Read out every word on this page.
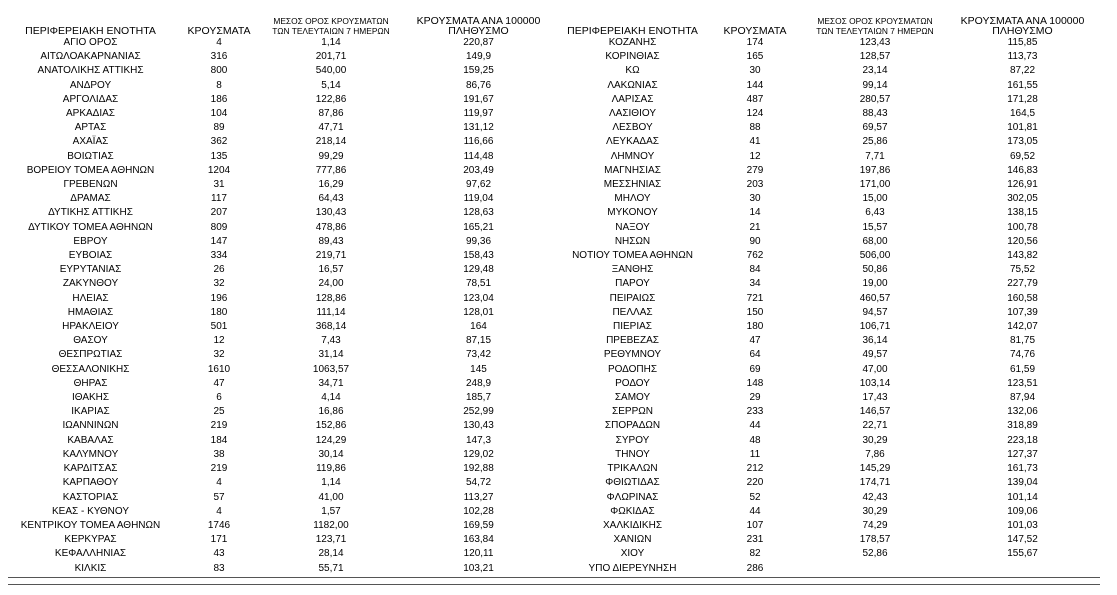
ΠΕΡΙΦΕΡΕΙΑΚΗ ΕΝΟΤΗΤΑ	ΚΡΟΥΣΜΑΤΑ	ΜΕΣΟΣ ΟΡΟΣ ΚΡΟΥΣΜΑΤΩΝ
ΤΩΝ ΤΕΛΕΥΤΑΙΩΝ 7 ΗΜΕΡΩΝ	ΚΡΟΥΣΜΑΤΑ ΑΝΑ 100000
ΠΛΗΘΥΣΜΟ

ΑΓΙΟ ΟΡΟΣ	4	1,14	220,87
ΑΙΤΩΛΟΑΚΑΡΝΑΝΙΑΣ	316	201,71	149,9
ΑΝΑΤΟΛΙΚΗΣ ΑΤΤΙΚΗΣ	800	540,00	159,25
ΑΝΔΡΟΥ	8	5,14	86,76
ΑΡΓΟΛΙΔΑΣ	186	122,86	191,67
ΑΡΚΑΔΙΑΣ	104	87,86	119,97
ΑΡΤΑΣ	89	47,71	131,12
ΑΧΑΪΑΣ	362	218,14	116,66
ΒΟΙΩΤΙΑΣ	135	99,29	114,48
ΒΟΡΕΙΟΥ ΤΟΜΕΑ ΑΘΗΝΩΝ	1204	777,86	203,49
ΓΡΕΒΕΝΩΝ	31	16,29	97,62
ΔΡΑΜΑΣ	117	64,43	119,04
ΔΥΤΙΚΗΣ ΑΤΤΙΚΗΣ	207	130,43	128,63
ΔΥΤΙΚΟΥ ΤΟΜΕΑ ΑΘΗΝΩΝ	809	478,86	165,21
ΕΒΡΟΥ	147	89,43	99,36
ΕΥΒΟΙΑΣ	334	219,71	158,43
ΕΥΡΥΤΑΝΙΑΣ	26	16,57	129,48
ΖΑΚΥΝΘΟΥ	32	24,00	78,51
ΗΛΕΙΑΣ	196	128,86	123,04
ΗΜΑΘΙΑΣ	180	111,14	128,01
ΗΡΑΚΛΕΙΟΥ	501	368,14	164
ΘΑΣΟΥ	12	7,43	87,15
ΘΕΣΠΡΩΤΙΑΣ	32	31,14	73,42
ΘΕΣΣΑΛΟΝΙΚΗΣ	1610	1063,57	145
ΘΗΡΑΣ	47	34,71	248,9
ΙΘΑΚΗΣ	6	4,14	185,7
ΙΚΑΡΙΑΣ	25	16,86	252,99
ΙΩΑΝΝΙΝΩΝ	219	152,86	130,43
ΚΑΒΑΛΑΣ	184	124,29	147,3
ΚΑΛΥΜΝΟΥ	38	30,14	129,02
ΚΑΡΔΙΤΣΑΣ	219	119,86	192,88
ΚΑΡΠΑΘΟΥ	4	1,14	54,72
ΚΑΣΤΟΡΙΑΣ	57	41,00	113,27
ΚΕΑΣ - ΚΥΘΝΟΥ	4	1,57	102,28
ΚΕΝΤΡΙΚΟΥ ΤΟΜΕΑ ΑΘΗΝΩΝ	1746	1182,00	169,59
ΚΕΡΚΥΡΑΣ	171	123,71	163,84
ΚΕΦΑΛΛΗΝΙΑΣ	43	28,14	120,11
ΚΙΛΚΙΣ	83	55,71	103,21
ΠΕΡΙΦΕΡΕΙΑΚΗ ΕΝΟΤΗΤΑ	ΚΡΟΥΣΜΑΤΑ	ΜΕΣΟΣ ΟΡΟΣ ΚΡΟΥΣΜΑΤΩΝ
ΤΩΝ ΤΕΛΕΥΤΑΙΩΝ 7 ΗΜΕΡΩΝ	ΚΡΟΥΣΜΑΤΑ ΑΝΑ 100000
ΠΛΗΘΥΣΜΟ

ΚΟΖΑΝΗΣ	174	123,43	115,85
ΚΟΡΙΝΘΙΑΣ	165	128,57	113,73
ΚΩ	30	23,14	87,22
ΛΑΚΩΝΙΑΣ	144	99,14	161,55
ΛΑΡΙΣΑΣ	487	280,57	171,28
ΛΑΣΙΘΙΟΥ	124	88,43	164,5
ΛΕΣΒΟΥ	88	69,57	101,81
ΛΕΥΚΑΔΑΣ	41	25,86	173,05
ΛΗΜΝΟΥ	12	7,71	69,52
ΜΑΓΝΗΣΙΑΣ	279	197,86	146,83
ΜΕΣΣΗΝΙΑΣ	203	171,00	126,91
ΜΗΛΟΥ	30	15,00	302,05
ΜΥΚΟΝΟΥ	14	6,43	138,15
ΝΑΞΟΥ	21	15,57	100,78
ΝΗΣΩΝ	90	68,00	120,56
ΝΟΤΙΟΥ ΤΟΜΕΑ ΑΘΗΝΩΝ	762	506,00	143,82
ΞΑΝΘΗΣ	84	50,86	75,52
ΠΑΡΟΥ	34	19,00	227,79
ΠΕΙΡΑΙΩΣ	721	460,57	160,58
ΠΕΛΛΑΣ	150	94,57	107,39
ΠΙΕΡΙΑΣ	180	106,71	142,07
ΠΡΕΒΕΖΑΣ	47	36,14	81,75
ΡΕΘΥΜΝΟΥ	64	49,57	74,76
ΡΟΔΟΠΗΣ	69	47,00	61,59
ΡΟΔΟΥ	148	103,14	123,51
ΣΑΜΟΥ	29	17,43	87,94
ΣΕΡΡΩΝ	233	146,57	132,06
ΣΠΟΡΑΔΩΝ	44	22,71	318,89
ΣΥΡΟΥ	48	30,29	223,18
ΤΗΝΟΥ	11	7,86	127,37
ΤΡΙΚΑΛΩΝ	212	145,29	161,73
ΦΘΙΩΤΙΔΑΣ	220	174,71	139,04
ΦΛΩΡΙΝΑΣ	52	42,43	101,14
ΦΩΚΙΔΑΣ	44	30,29	109,06
ΧΑΛΚΙΔΙΚΗΣ	107	74,29	101,03
ΧΑΝΙΩΝ	231	178,57	147,52
ΧΙΟΥ	82	52,86	155,67
ΥΠΟ ΔΙΕΡΕΥΝΗΣΗ	286		
